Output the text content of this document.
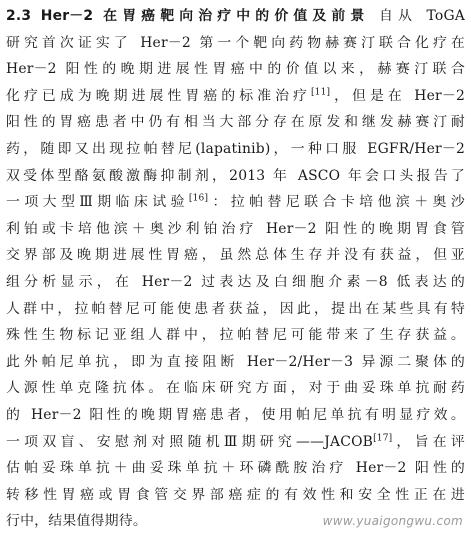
2.3 Her－2 在胃癌靶向治疗中的价值及前景 自从 ToGA
研究首次证实了 Her－2 第一个靶向药物赫赛汀联合化疗在
Her－2 阳性的晚期进展性胃癌中的价值以来，赫赛汀联合
化疗已成为晚期进展性胃癌的标准治疗[11]，但是在 Her－2
阳性的胃癌患者中仍有相当大部分存在原发和继发赫赛汀耐
药，随即又出现拉帕替尼(lapatinib)，一种口服 EGFR/Her－2
双受体型酪氨酸激酶抑制剂，2013 年 ASCO 年会口头报告了
一项大型Ⅲ期临床试验[16]：拉帕替尼联合卡培他滨＋奥沙
利铂或卡培他滨＋奥沙利铂治疗 Her－2 阳性的晚期胃食管
交界部及晚期进展性胃癌，虽然总体生存并没有获益，但亚
组分析显示，在 Her－2 过表达及白细胞介素－8 低表达的
人群中，拉帕替尼可能使患者获益，因此，提出在某些具有特
殊性生物标记亚组人群中，拉帕替尼可能带来了生存获益。
此外帕尼单抗，即为直接阻断 Her－2/Her－3 异源二聚体的
人源性单克隆抗体。在临床研究方面，对于曲妥珠单抗耐药
的 Her－2 阳性的晚期胃癌患者，使用帕尼单抗有明显疗效。
一项双盲、安慰剂对照随机Ⅲ期研究——JACOB[17]，旨在评
估帕妥珠单抗＋曲妥珠单抗＋环磷酰胺治疗 Her－2 阳性的
转移性胃癌或胃食管交界部癌症的有效性和安全性正在进
行中，结果值得期待。	www.yuaigongwu.com
